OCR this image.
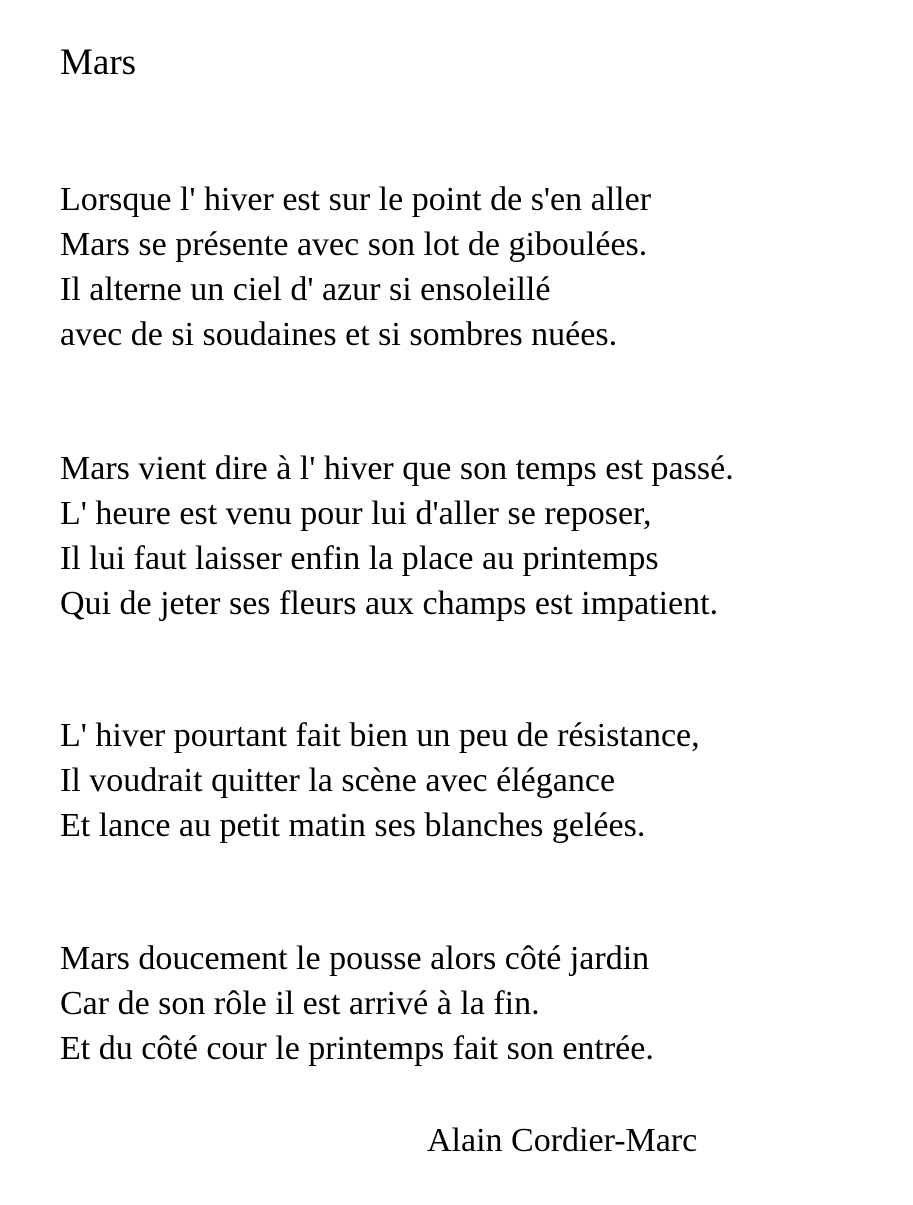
Mars
Lorsque l' hiver est sur le point de s'en aller
Mars se présente avec son lot de giboulées.
Il alterne un ciel d' azur si ensoleillé
avec de si soudaines et si sombres nuées.
Mars vient dire à l' hiver que son temps est passé.
L' heure est venu pour lui d'aller se reposer,
Il lui faut laisser enfin la place au printemps
Qui de jeter ses fleurs aux champs est impatient.
L' hiver pourtant fait bien un peu de résistance,
Il voudrait quitter la scène avec élégance
Et lance au petit matin ses blanches gelées.
Mars doucement le pousse alors côté jardin
Car de son rôle il est arrivé à la fin.
Et du côté cour le printemps fait son entrée.
Alain Cordier-Marc
